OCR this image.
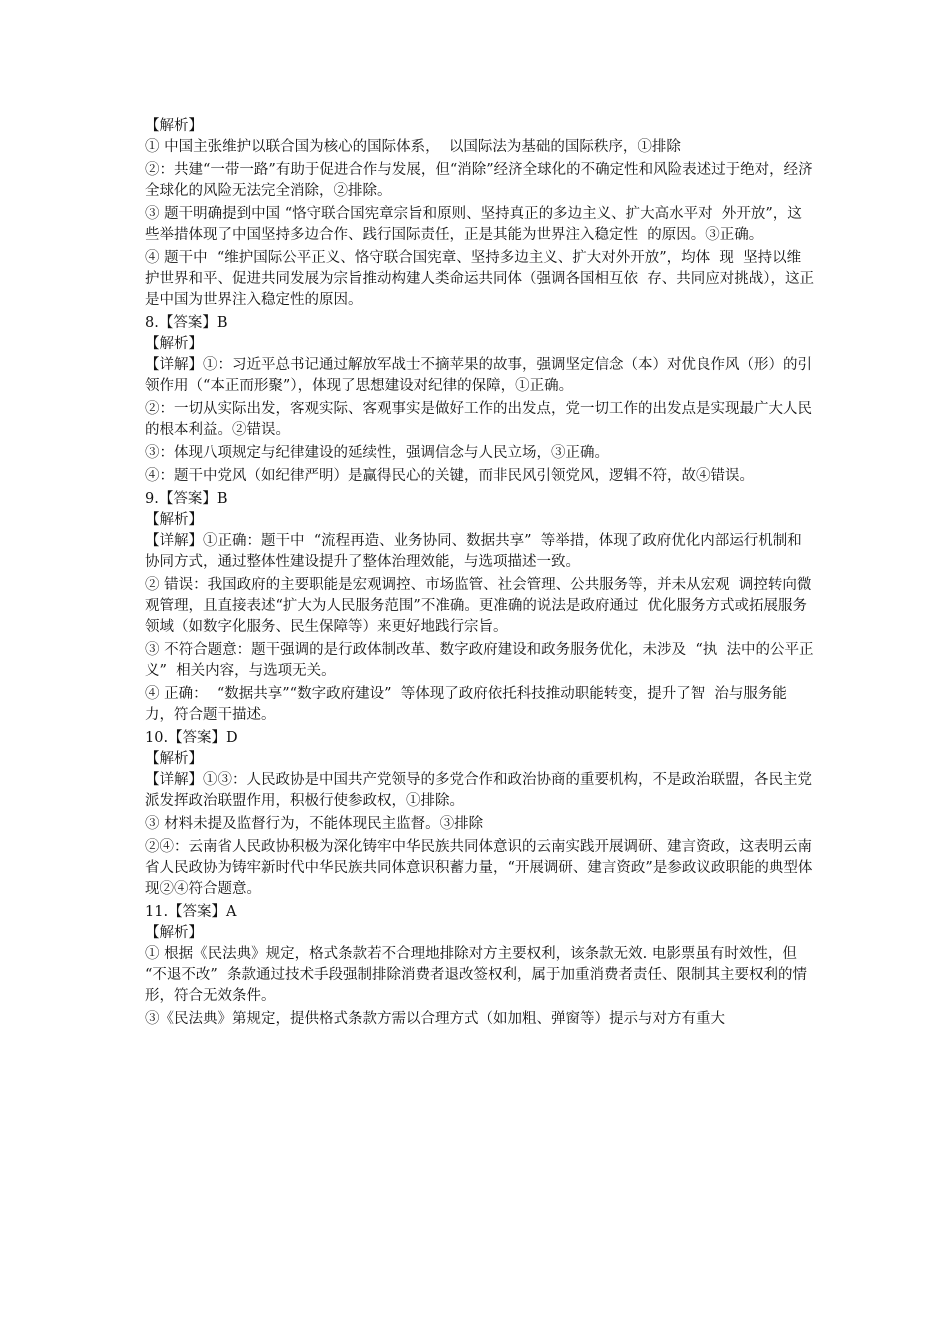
【解析】

① 中国主张维护以联合国为核心的国际体系，  以国际法为基础的国际秩序，①排除

②：共建“一带一路”有助于促进合作与发展，但“消除”经济全球化的不确定性和风险表述过于绝对，经济全球化的风险无法完全消除，②排除。

③ 题干明确提到中国 “恪守联合国宪章宗旨和原则、坚持真正的多边主义、扩大高水平对  外开放”，这些举措体现了中国坚持多边合作、践行国际责任，正是其能为世界注入稳定性  的原因。③正确。

④ 题干中  “维护国际公平正义、恪守联合国宪章、坚持多边主义、扩大对外开放”，均体  现  坚持以维护世界和平、促进共同发展为宗旨推动构建人类命运共同体（强调各国相互依  存、共同应对挑战），这正是中国为世界注入稳定性的原因。

8.【答案】B

【解析】

【详解】①：习近平总书记通过解放军战士不摘苹果的故事，强调坚定信念（本）对优良作风（形）的引领作用（“本正而形聚”），体现了思想建设对纪律的保障，①正确。

②：一切从实际出发，客观实际、客观事实是做好工作的出发点，党一切工作的出发点是实现最广大人民的根本利益。②错误。

③：体现八项规定与纪律建设的延续性，强调信念与人民立场，③正确。

④：题干中党风（如纪律严明）是赢得民心的关键，而非民风引领党风，逻辑不符，故④错误。

9.【答案】B

【解析】

【详解】①正确：题干中  “流程再造、业务协同、数据共享”  等举措，体现了政府优化内部运行机制和协同方式，通过整体性建设提升了整体治理效能，与选项描述一致。

② 错误：我国政府的主要职能是宏观调控、市场监管、社会管理、公共服务等，并未从宏观  调控转向微观管理，且直接表述“扩大为人民服务范围”不准确。更准确的说法是政府通过  优化服务方式或拓展服务领域（如数字化服务、民生保障等）来更好地践行宗旨。

③ 不符合题意：题干强调的是行政体制改革、数字政府建设和政务服务优化，未涉及  “执  法中的公平正义”  相关内容，与选项无关。

④ 正确：  “数据共享”“数字政府建设”  等体现了政府依托科技推动职能转变，提升了智  治与服务能力，符合题干描述。

10.【答案】D

【解析】

【详解】①③：人民政协是中国共产党领导的多党合作和政治协商的重要机构，不是政治联盟，各民主党派发挥政治联盟作用，积极行使参政权，①排除。

③ 材料未提及监督行为，不能体现民主监督。③排除

②④：云南省人民政协积极为深化铸牢中华民族共同体意识的云南实践开展调研、建言资政，这表明云南省人民政协为铸牢新时代中华民族共同体意识积蓄力量，“开展调研、建言资政”是参政议政职能的典型体现②④符合题意。

11.【答案】A

【解析】

① 根据《民法典》规定，格式条款若不合理地排除对方主要权利，该条款无效. 电影票虽有时效性，但  “不退不改”  条款通过技术手段强制排除消费者退改签权利，属于加重消费者责任、限制其主要权利的情形，符合无效条件。

③《民法典》第规定，提供格式条款方需以合理方式（如加粗、弹窗等）提示与对方有重大
